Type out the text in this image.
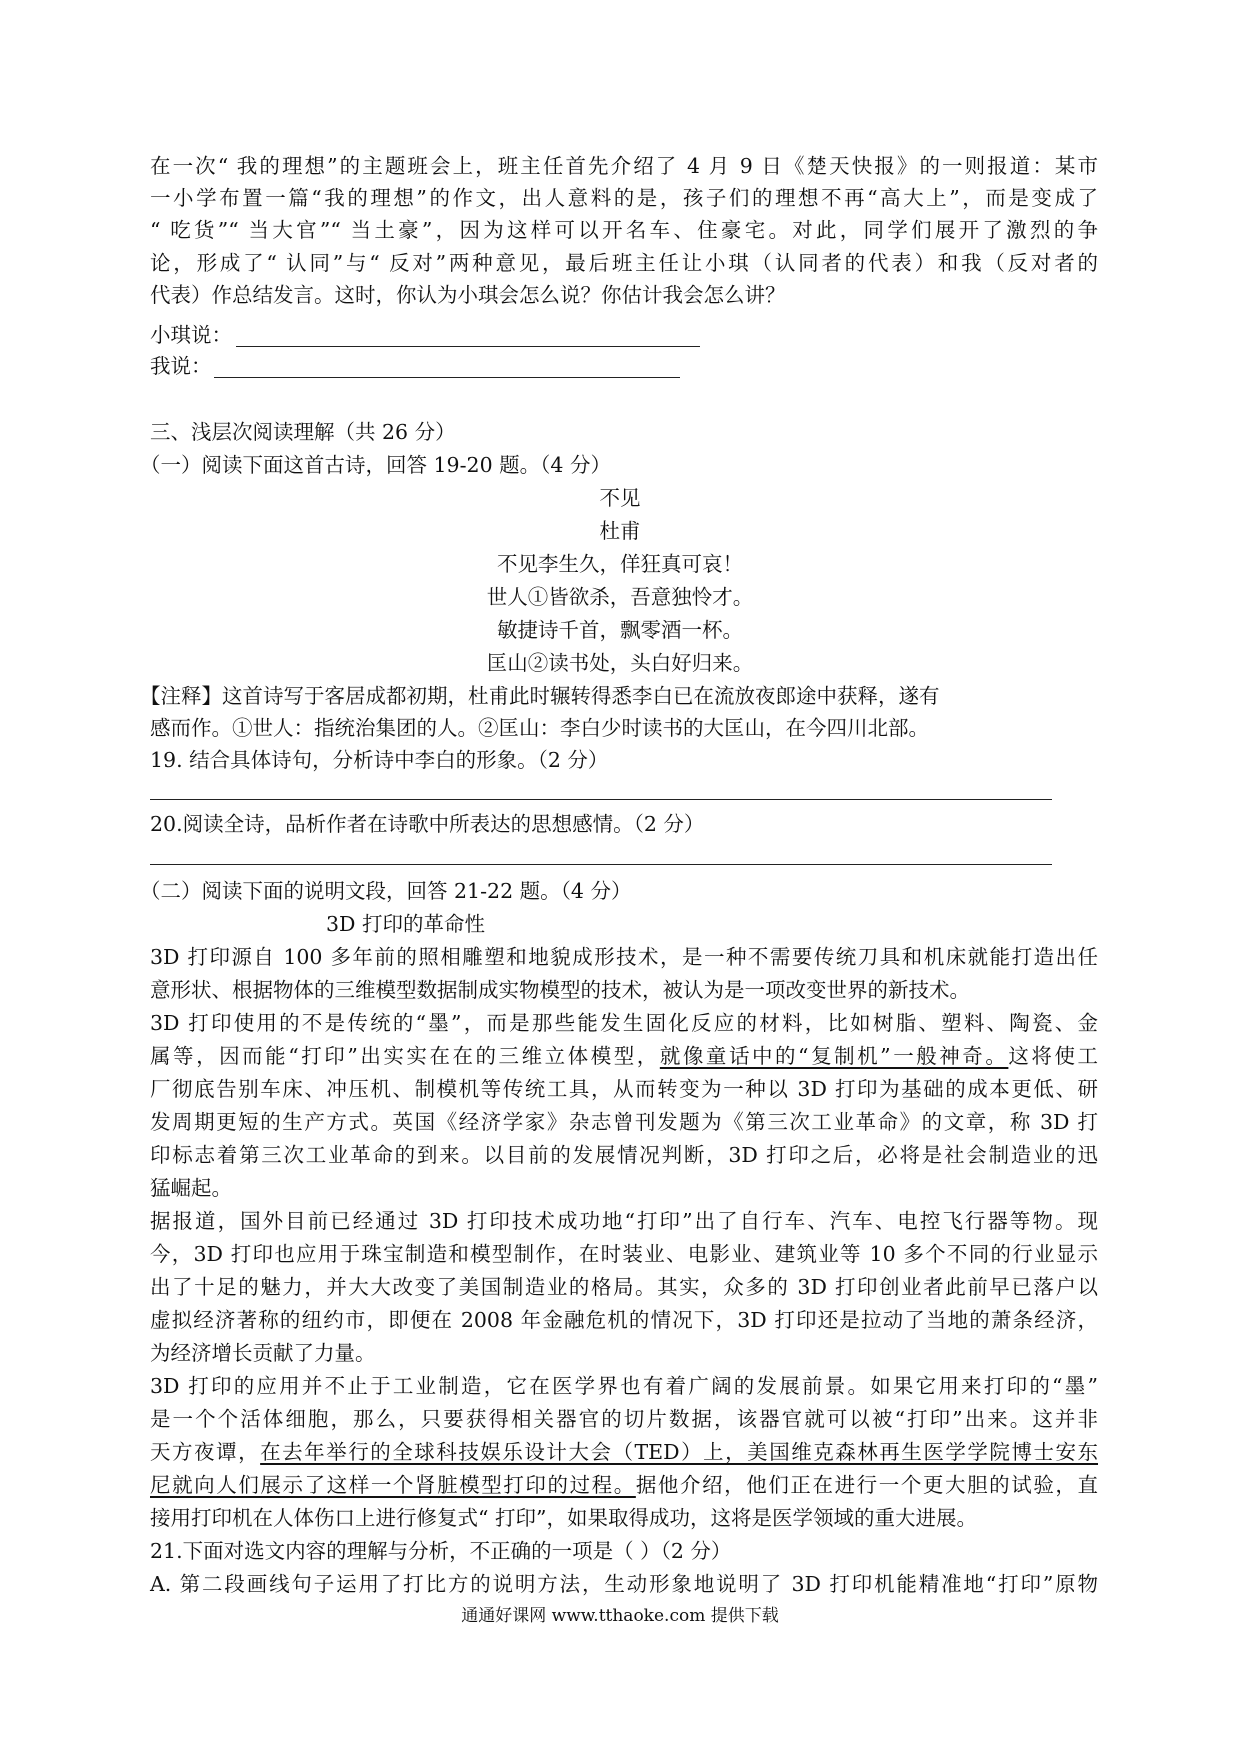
在一次“ 我的理想”的主题班会上，班主任首先介绍了 4 月 9 日《楚天快报》的一则报道：某市
一小学布置一篇“我的理想”的作文，出人意料的是，孩子们的理想不再“高大上”，而是变成了
“ 吃货”“ 当大官”“ 当土豪”，因为这样可以开名车、住豪宅。对此，同学们展开了激烈的争
论，形成了“ 认同”与“ 反对”两种意见，最后班主任让小琪（认同者的代表）和我（反对者的
代表）作总结发言。这时，你认为小琪会怎么说？你估计我会怎么讲？
小琪说：
我说：
三、浅层次阅读理解（共 26 分）
（一）阅读下面这首古诗，回答 19-20 题。（4 分）
不见
杜甫
不见李生久，佯狂真可哀！
世人①皆欲杀，吾意独怜才。
敏捷诗千首，飘零酒一杯。
匡山②读书处，头白好归来。
【注释】这首诗写于客居成都初期，杜甫此时辗转得悉李白已在流放夜郎途中获释，遂有
感而作。①世人：指统治集团的人。②匡山：李白少时读书的大匡山，在今四川北部。
19. 结合具体诗句，分析诗中李白的形象。（2 分）
20.阅读全诗，品析作者在诗歌中所表达的思想感情。（2 分）
（二）阅读下面的说明文段，回答 21-22 题。（4 分）
3D 打印的革命性
3D 打印源自 100 多年前的照相雕塑和地貌成形技术，是一种不需要传统刀具和机床就能打造出任
意形状、根据物体的三维模型数据制成实物模型的技术，被认为是一项改变世界的新技术。
3D 打印使用的不是传统的“墨”，而是那些能发生固化反应的材料，比如树脂、塑料、陶瓷、金
属等，因而能“打印”出实实在在的三维立体模型，就像童话中的“复制机”一般神奇。这将使工
厂彻底告别车床、冲压机、制模机等传统工具，从而转变为一种以 3D 打印为基础的成本更低、研
发周期更短的生产方式。英国《经济学家》杂志曾刊发题为《第三次工业革命》的文章，称 3D 打
印标志着第三次工业革命的到来。以目前的发展情况判断，3D 打印之后，必将是社会制造业的迅
猛崛起。
据报道，国外目前已经通过 3D 打印技术成功地“打印”出了自行车、汽车、电控飞行器等物。现
今，3D 打印也应用于珠宝制造和模型制作，在时装业、电影业、建筑业等 10 多个不同的行业显示
出了十足的魅力，并大大改变了美国制造业的格局。其实，众多的 3D 打印创业者此前早已落户以
虚拟经济著称的纽约市，即便在 2008 年金融危机的情况下，3D 打印还是拉动了当地的萧条经济，
为经济增长贡献了力量。
3D 打印的应用并不止于工业制造，它在医学界也有着广阔的发展前景。如果它用来打印的“墨”
是一个个活体细胞，那么，只要获得相关器官的切片数据，该器官就可以被“打印”出来。这并非
天方夜谭，在去年举行的全球科技娱乐设计大会（TED）上，美国维克森林再生医学学院博士安东
尼就向人们展示了这样一个肾脏模型打印的过程。据他介绍，他们正在进行一个更大胆的试验，直
接用打印机在人体伤口上进行修复式“ 打印”，如果取得成功，这将是医学领域的重大进展。
21.下面对选文内容的理解与分析，不正确的一项是（ ）（2 分）
A. 第二段画线句子运用了打比方的说明方法，生动形象地说明了 3D 打印机能精准地“打印”原物
通通好课网 www.tthaoke.com 提供下载
